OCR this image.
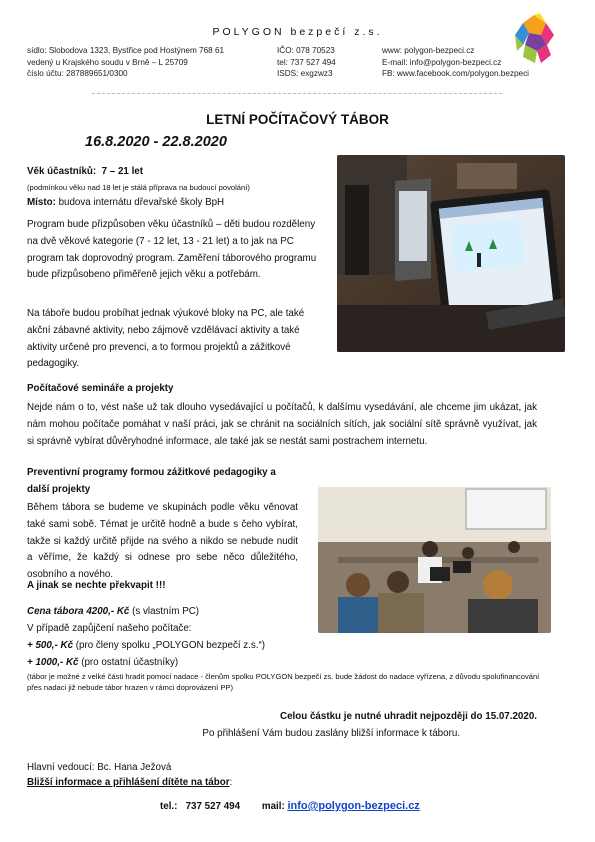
POLYGON bezpečí z.s.
sídlo: Slobodova 1323, Bystřice pod Hostýnem 768 61
vedený u Krajského soudu v Brně – L 25709
číslo účtu: 287889651/0300
IČO: 078 70523
tel: 737 527 494
ISDS: exgzwz3
www: polygon-bezpeci.cz
E-mail: info@polygon-bezpeci.cz
FB: www.facebook.com/polygon.bezpeci
LETNÍ POČÍTAČOVÝ TÁBOR
16.8.2020 - 22.8.2020
Věk účastníků: 7 – 21 let
(podmínkou věku nad 18 let je stálá příprava na budoucí povolání)
Místo: budova internátu dřevařské školy BpH
Program bude přizpůsoben věku účastníků – děti budou rozděleny na dvě věkové kategorie (7 - 12 let, 13 - 21 let) a to jak na PC program tak doprovodný program. Zaměření táborového programu bude přizpůsobeno přiměřeně jejich věku a potřebám.
Na táboře budou probíhat jednak výukové bloky na PC, ale také akční zábavné aktivity, nebo zájmově vzdělávací aktivity a také aktivity určené pro prevenci, a to formou projektů a zážitkové pedagogiky.
Počítačové semináře a projekty
Nejde nám o to, vést naše už tak dlouho vysedávající u počítačů, k dalšímu vysedávání, ale chceme jim ukázat, jak nám mohou počítače pomáhat v naší práci, jak se chránit na sociálních sítích, jak sociální sítě správně využívat, jak si správně vybírat důvěryhodné informace, ale také jak se nestát sami postrachem internetu.
Preventivní programy formou zážitkové pedagogiky a další projekty
Během tábora se budeme ve skupinách podle věku věnovat také sami sobě. Témat je určitě hodně a bude s čeho vybírat, takže si každý určitě přijde na svého a nikdo se nebude nudit a věříme, že každý si odnese pro sebe něco důležitého, osobního a nového.
A jinak se nechte překvapit !!!
Cena tábora 4200,- Kč (s vlastním PC)
V případě zapůjčení našeho počítače:
+ 500,- Kč (pro členy spolku „POLYGON bezpečí z.s.“)
+ 1000,- Kč (pro ostatní účastníky)
(tábor je možné z velké části hradit pomocí nadace - členům spolku POLYGON bezpečí zs. bude žádost do nadace vyřízena, z důvodu spolufinancování přes nadaci již nebude tábor hrazen v rámci doprovázení PP)
Celou částku je nutné uhradit nejpozději do 15.07.2020.
Po přihlášení Vám budou zaslány bližší informace k táboru.
Hlavní vedoucí: Bc. Hana Ježová
Bližší informace a přihlášení dítěte na tábor:
tel.: 737 527 494 mail: info@polygon-bezpeci.cz
